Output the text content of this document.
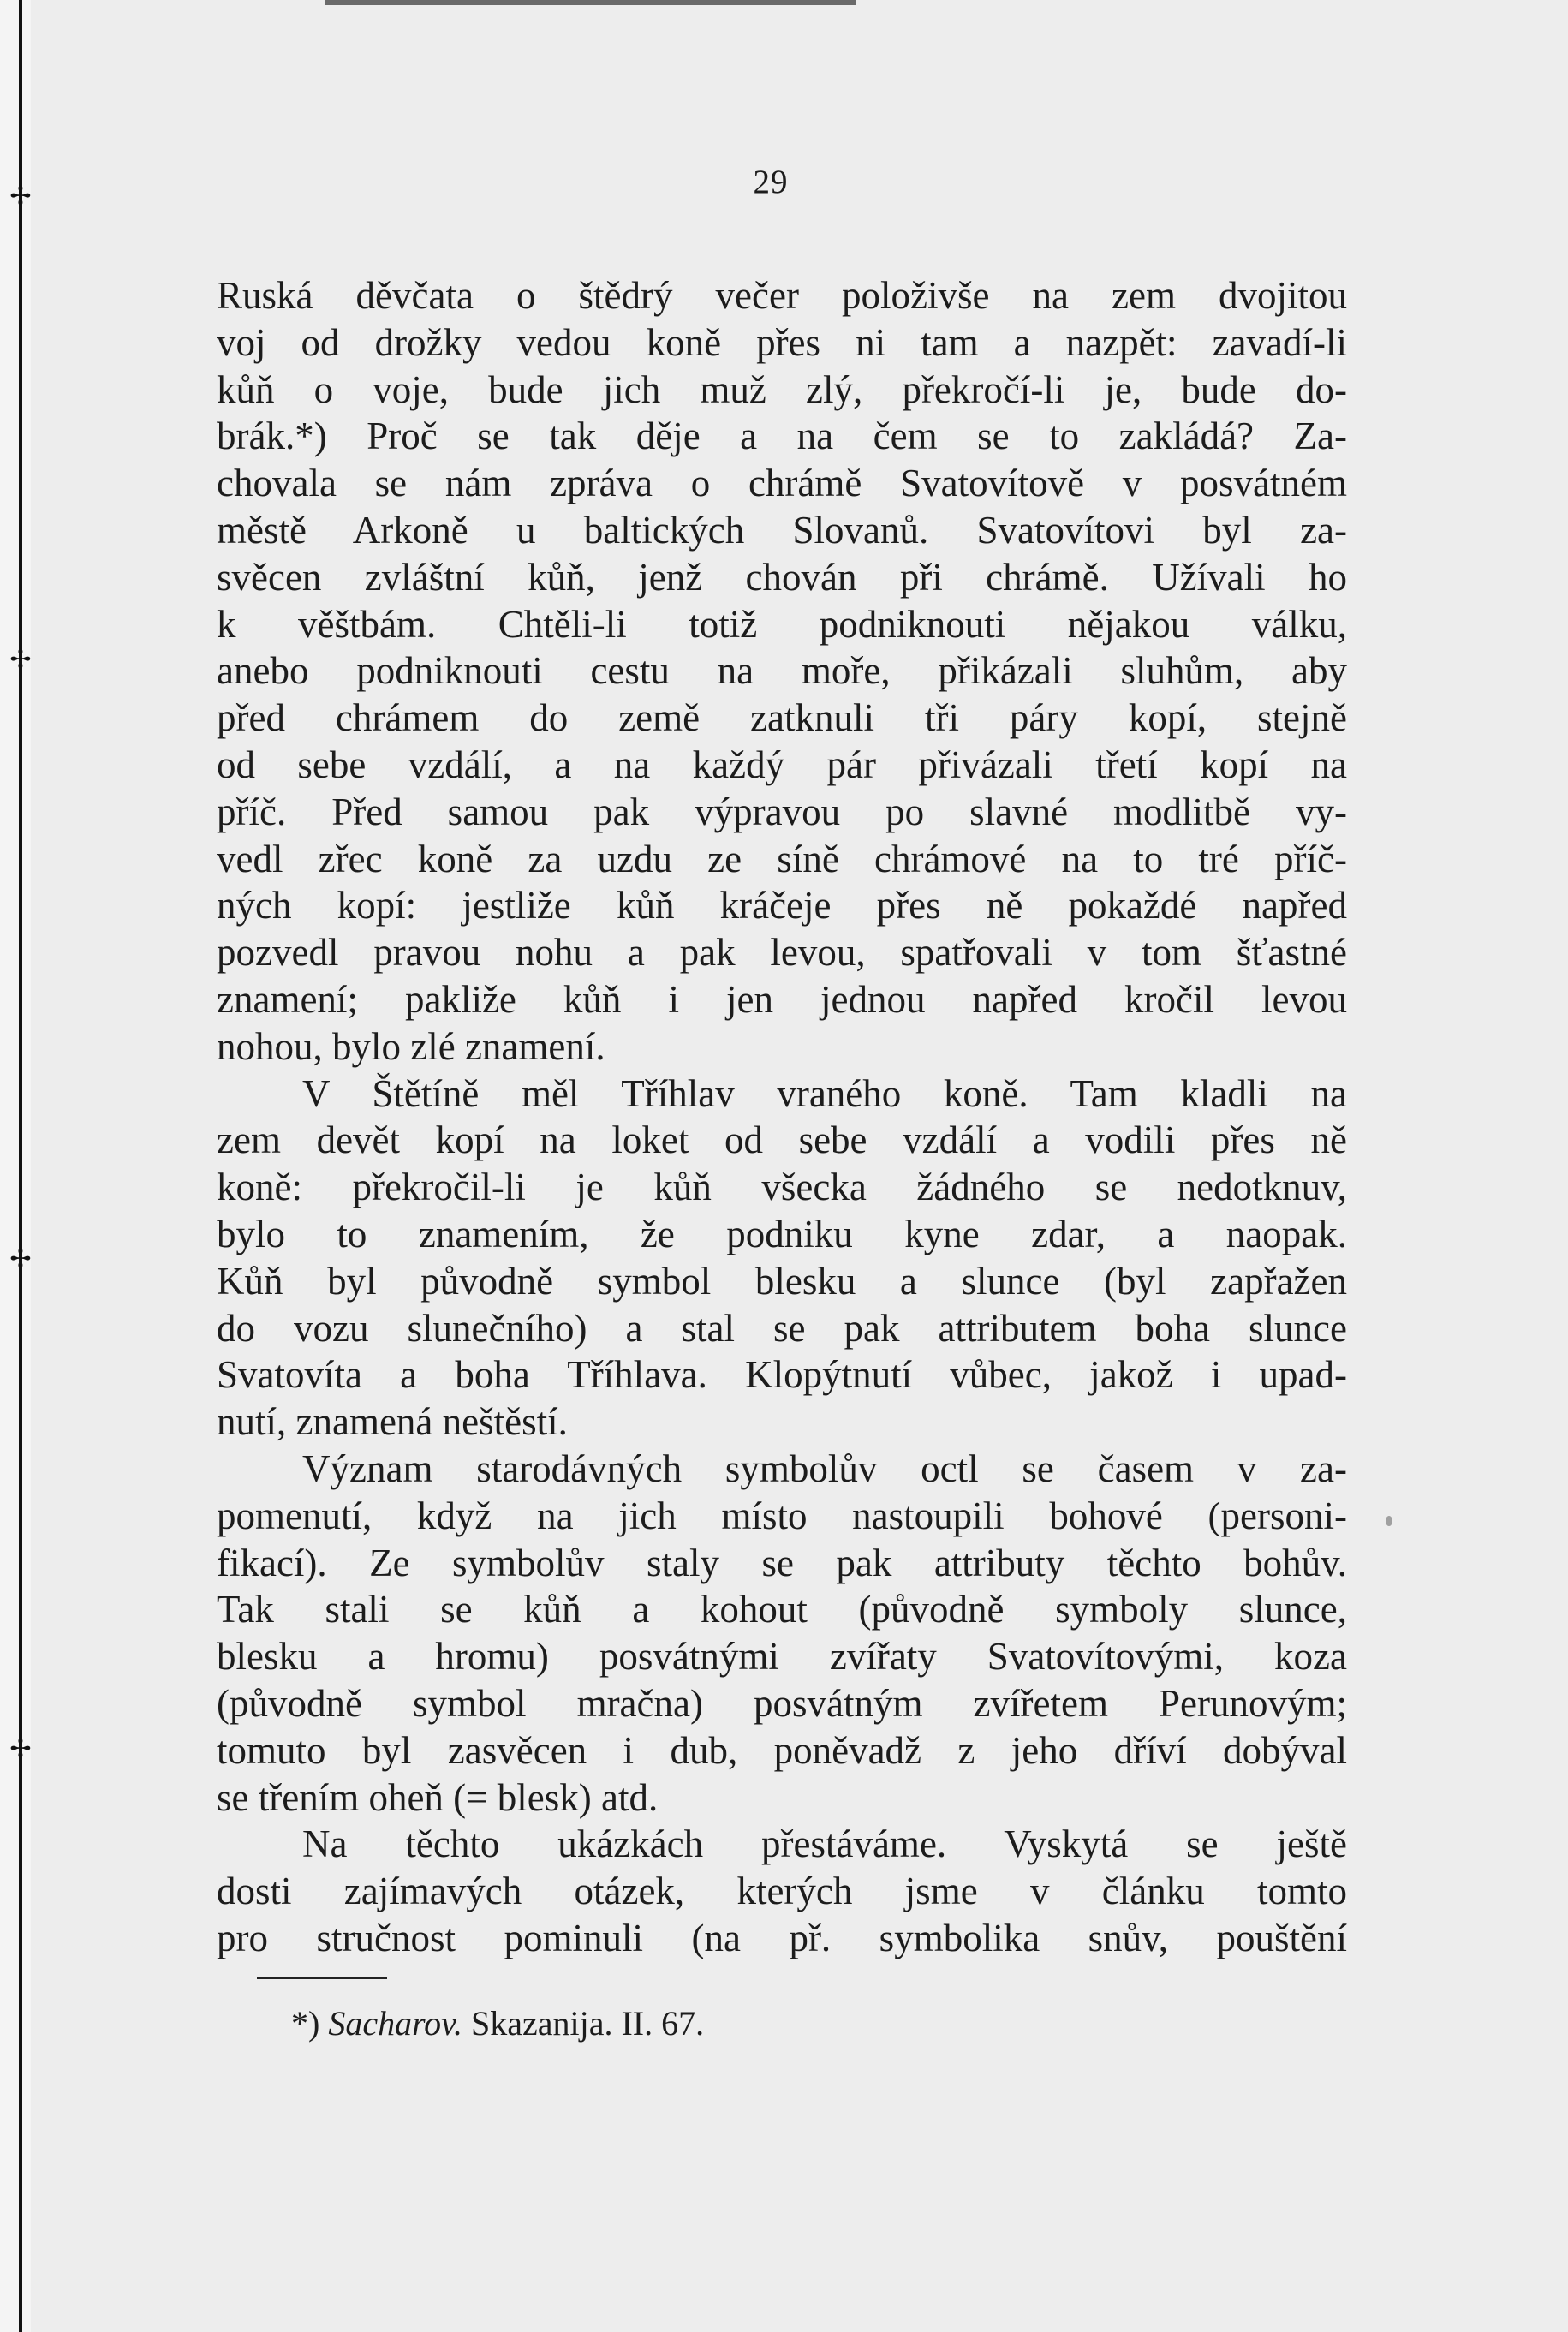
✢
✢
✢
✢
29
Ruská děvčata o štědrý večer položivše na zem dvojitou
voj od drožky vedou koně přes ni tam a nazpět: zavadí-li
kůň o voje, bude jich muž zlý, překročí-li je, bude do-
brák.*) Proč se tak děje a na čem se to zakládá? Za-
chovala se nám zpráva o chrámě Svatovítově v posvátném
městě Arkoně u baltických Slovanů. Svatovítovi byl za-
svěcen zvláštní kůň, jenž chován při chrámě. Užívali ho
k věštbám. Chtěli-li totiž podniknouti nějakou válku,
anebo podniknouti cestu na moře, přikázali sluhům, aby
před chrámem do země zatknuli tři páry kopí, stejně
od sebe vzdálí, a na každý pár přivázali třetí kopí na
příč. Před samou pak výpravou po slavné modlitbě vy-
vedl zřec koně za uzdu ze síně chrámové na to tré příč-
ných kopí: jestliže kůň kráčeje přes ně pokaždé napřed
pozvedl pravou nohu a pak levou, spatřovali v tom šťastné
znamení; pakliže kůň i jen jednou napřed kročil levou
nohou, bylo zlé znamení.
V Štětíně měl Tříhlav vraného koně. Tam kladli na
zem devět kopí na loket od sebe vzdálí a vodili přes ně
koně: překročil-li je kůň všecka žádného se nedotknuv,
bylo to znamením, že podniku kyne zdar, a naopak.
Kůň byl původně symbol blesku a slunce (byl zapřažen
do vozu slunečního) a stal se pak attributem boha slunce
Svatovíta a boha Tříhlava. Klopýtnutí vůbec, jakož i upad-
nutí, znamená neštěstí.
Význam starodávných symbolův octl se časem v za-
pomenutí, když na jich místo nastoupili bohové (personi-
fikací). Ze symbolův staly se pak attributy těchto bohův.
Tak stali se kůň a kohout (původně symboly slunce,
blesku a hromu) posvátnými zvířaty Svatovítovými, koza
(původně symbol mračna) posvátným zvířetem Perunovým;
tomuto byl zasvěcen i dub, poněvadž z jeho dříví dobýval
se třením oheň (= blesk) atd.
Na těchto ukázkách přestáváme. Vyskytá se ještě
dosti zajímavých otázek, kterých jsme v článku tomto
pro stručnost pominuli (na př. symbolika snův, pouštění
*) Sacharov. Skazanija. II. 67.
